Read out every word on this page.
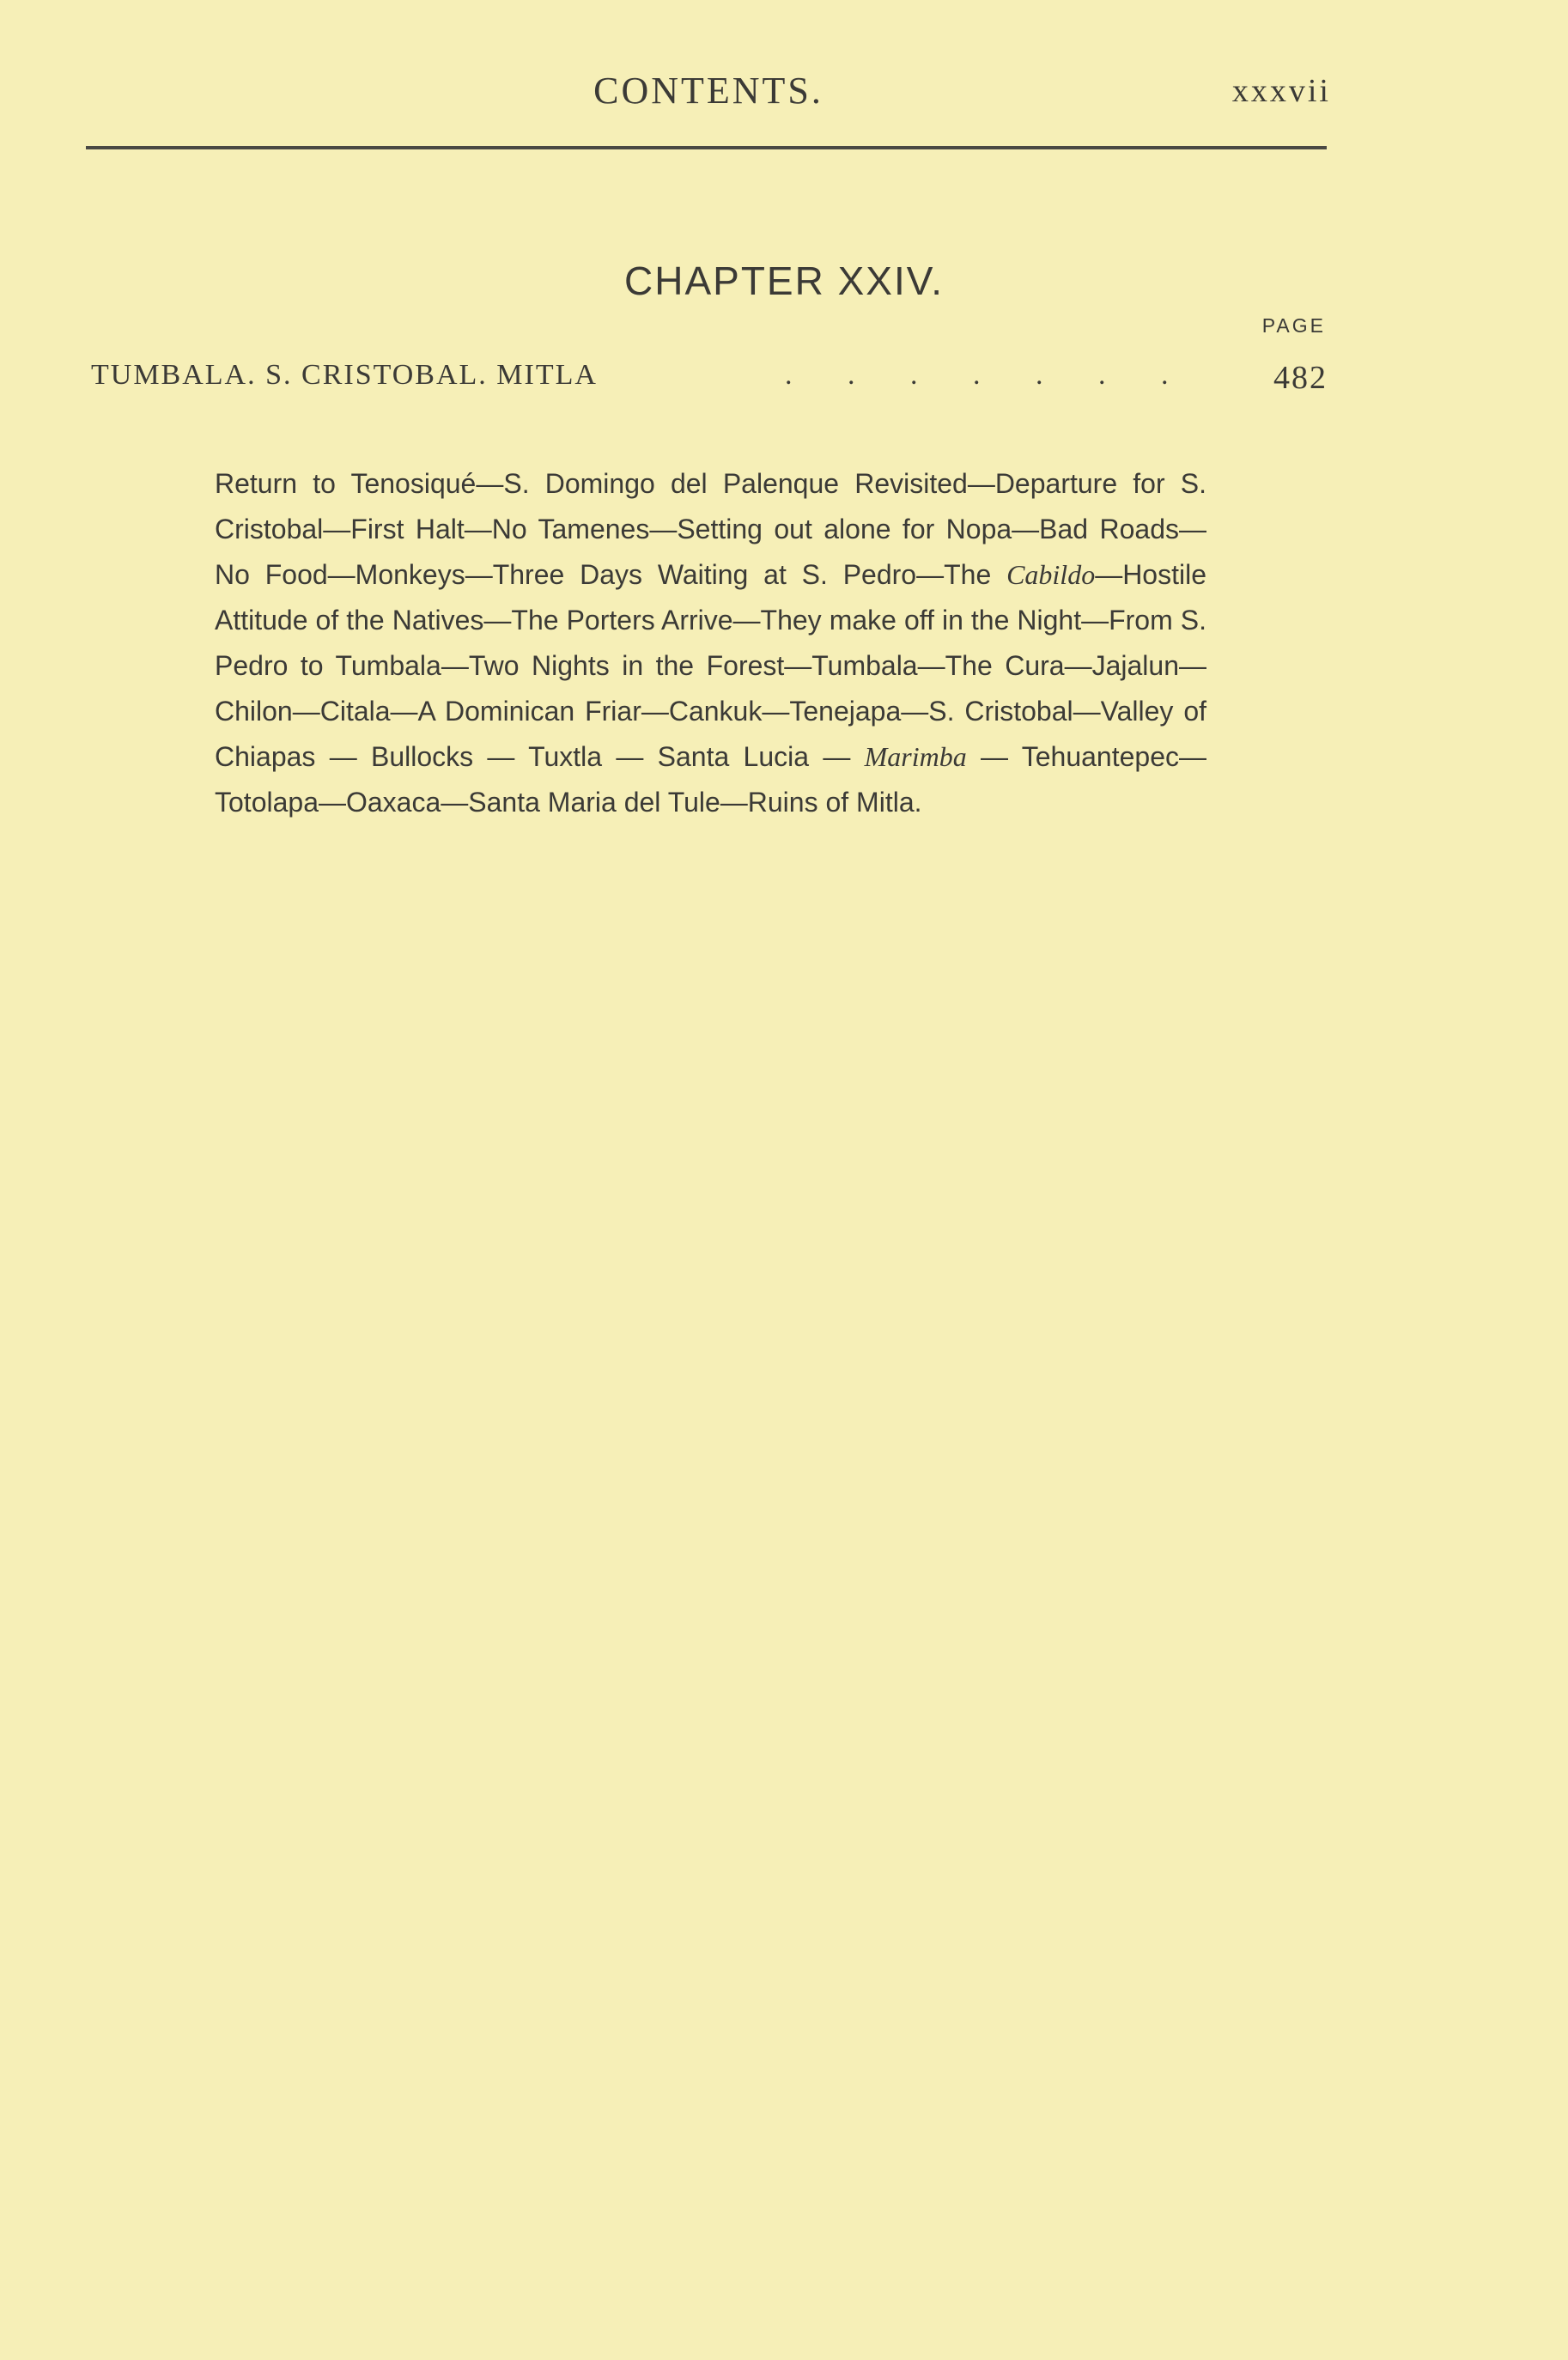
CONTENTS.	xxxvii
CHAPTER XXIV.
PAGE
TUMBALA. S. CRISTOBAL. MITLA	. . . . . . . 482

Return to Tenosiqué—S. Domingo del Palenque Revisited—Departure for S. Cristobal—First Halt—No Tamenes—Setting out alone for Nopa—Bad Roads—No Food—Monkeys—Three Days Waiting at S. Pedro—The Cabildo—Hostile Attitude of the Natives—The Porters Arrive—They make off in the Night—From S. Pedro to Tumbala—Two Nights in the Forest—Tumbala—The Cura—Jajalun—Chilon—Citala—A Dominican Friar—Cankuk—Tenejapa—S. Cristobal—Valley of Chiapas — Bullocks — Tuxtla — Santa Lucia — Marimba — Tehuantepec—Totolapa—Oaxaca—Santa Maria del Tule—Ruins of Mitla.
